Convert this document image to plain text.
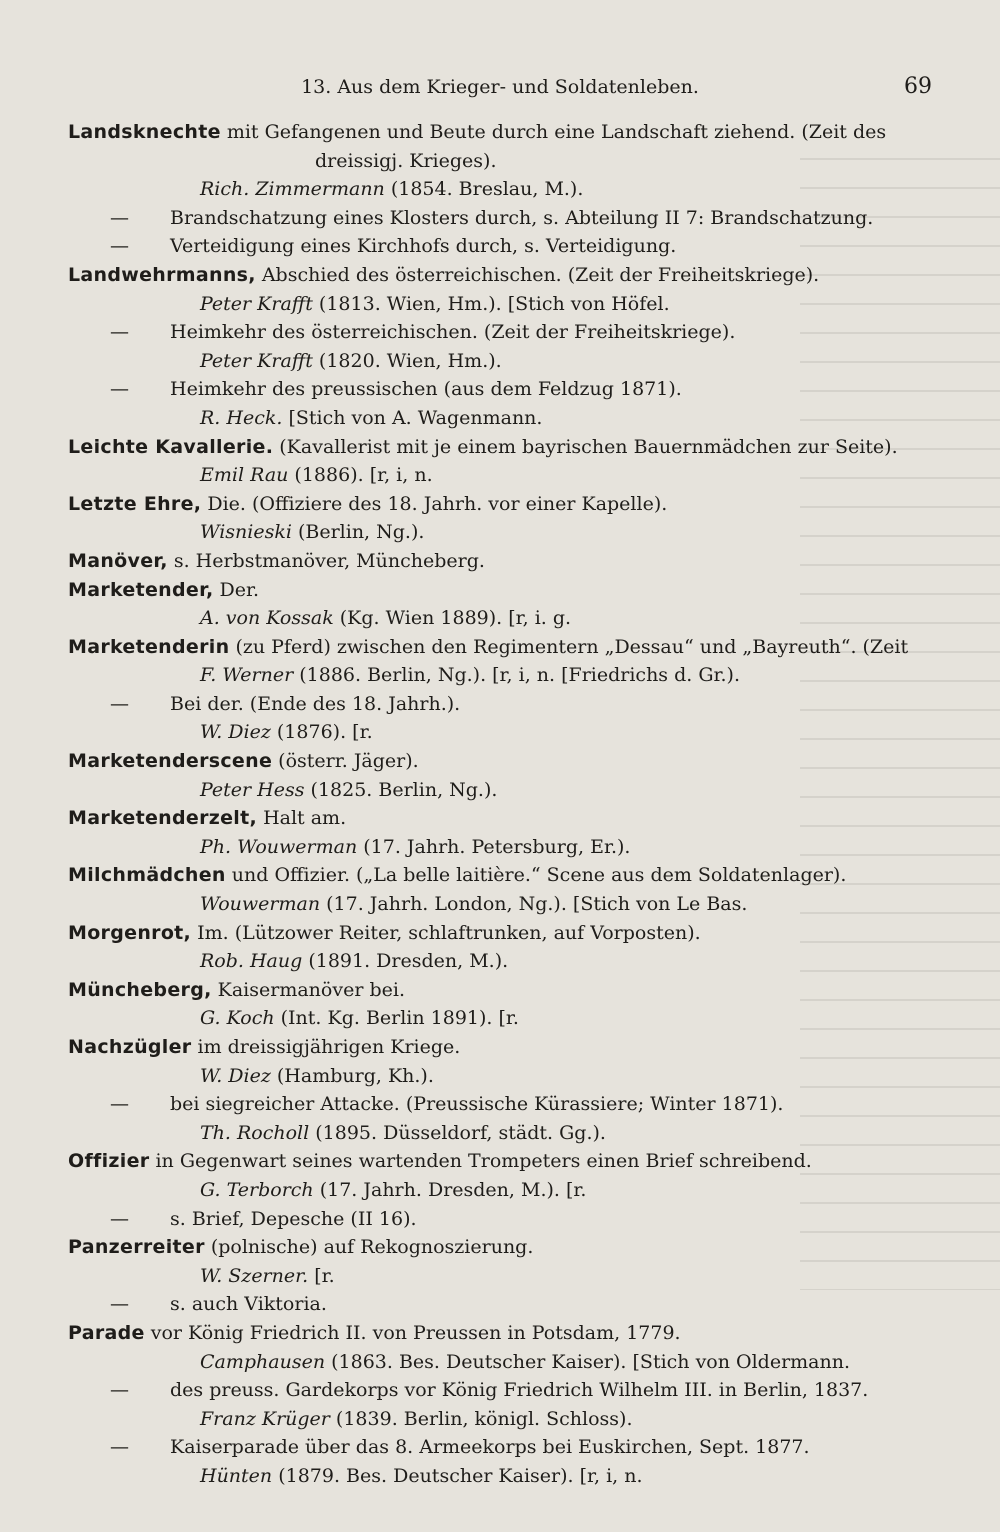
13. Aus dem Krieger- und Soldatenleben.	69
Landsknechte mit Gefangenen und Beute durch eine Landschaft ziehend. (Zeit des
dreissigj. Krieges).
Rich. Zimmermann (1854. Breslau, M.).
— Brandschatzung eines Klosters durch, s. Abteilung II 7: Brandschatzung.
— Verteidigung eines Kirchhofs durch, s. Verteidigung.
Landwehrmanns, Abschied des österreichischen. (Zeit der Freiheitskriege).
Peter Krafft (1813. Wien, Hm.). [Stich von Höfel.
— Heimkehr des österreichischen. (Zeit der Freiheitskriege).
Peter Krafft (1820. Wien, Hm.).
— Heimkehr des preussischen (aus dem Feldzug 1871).
R. Heck. [Stich von A. Wagenmann.
Leichte Kavallerie. (Kavallerist mit je einem bayrischen Bauernmädchen zur Seite).
Emil Rau (1886). [r, i, n.
Letzte Ehre, Die. (Offiziere des 18. Jahrh. vor einer Kapelle).
Wisnieski (Berlin, Ng.).
Manöver, s. Herbstmanöver, Müncheberg.
Marketender, Der.
A. von Kossak (Kg. Wien 1889). [r, i. g.
Marketenderin (zu Pferd) zwischen den Regimentern „Dessau“ und „Bayreuth“. (Zeit
F. Werner (1886. Berlin, Ng.). [r, i, n. [Friedrichs d. Gr.).
— Bei der. (Ende des 18. Jahrh.).
W. Diez (1876). [r.
Marketenderscene (österr. Jäger).
Peter Hess (1825. Berlin, Ng.).
Marketenderzelt, Halt am.
Ph. Wouwerman (17. Jahrh. Petersburg, Er.).
Milchmädchen und Offizier. („La belle laitière.“ Scene aus dem Soldatenlager).
Wouwerman (17. Jahrh. London, Ng.). [Stich von Le Bas.
Morgenrot, Im. (Lützower Reiter, schlaftrunken, auf Vorposten).
Rob. Haug (1891. Dresden, M.).
Müncheberg, Kaisermanöver bei.
G. Koch (Int. Kg. Berlin 1891). [r.
Nachzügler im dreissigjährigen Kriege.
W. Diez (Hamburg, Kh.).
— bei siegreicher Attacke. (Preussische Kürassiere; Winter 1871).
Th. Rocholl (1895. Düsseldorf, städt. Gg.).
Offizier in Gegenwart seines wartenden Trompeters einen Brief schreibend.
G. Terborch (17. Jahrh. Dresden, M.). [r.
— s. Brief, Depesche (II 16).
Panzerreiter (polnische) auf Rekognoszierung.
W. Szerner. [r.
— s. auch Viktoria.
Parade vor König Friedrich II. von Preussen in Potsdam, 1779.
Camphausen (1863. Bes. Deutscher Kaiser). [Stich von Oldermann.
— des preuss. Gardekorps vor König Friedrich Wilhelm III. in Berlin, 1837.
Franz Krüger (1839. Berlin, königl. Schloss).
— Kaiserparade über das 8. Armeekorps bei Euskirchen, Sept. 1877.
Hünten (1879. Bes. Deutscher Kaiser). [r, i, n.
